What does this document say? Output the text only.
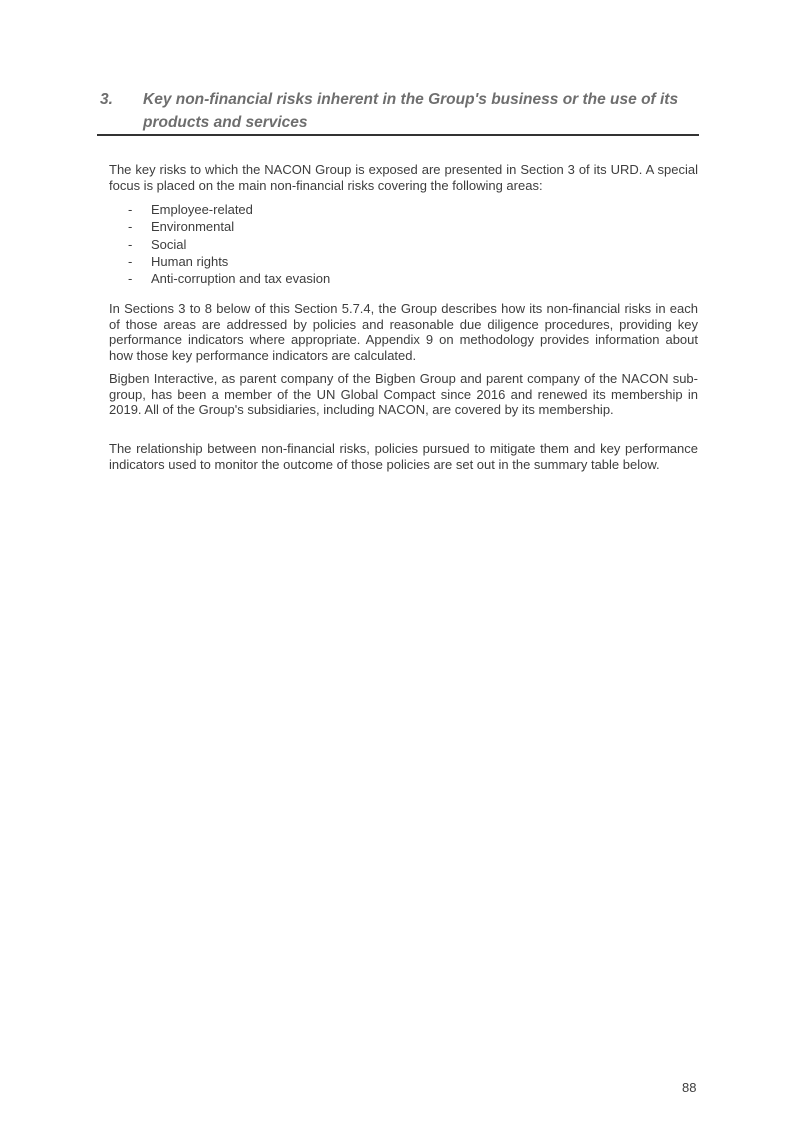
3.	Key non-financial risks inherent in the Group's business or the use of its products and services

The key risks to which the NACON Group is exposed are presented in Section 3 of its URD. A special focus is placed on the main non-financial risks covering the following areas:

-	Employee-related
-	Environmental
-	Social
-	Human rights
-	Anti-corruption and tax evasion

In Sections 3 to 8 below of this Section 5.7.4, the Group describes how its non-financial risks in each of those areas are addressed by policies and reasonable due diligence procedures, providing key performance indicators where appropriate. Appendix 9 on methodology provides information about how those key performance indicators are calculated.

Bigben Interactive, as parent company of the Bigben Group and parent company of the NACON sub-group, has been a member of the UN Global Compact since 2016 and renewed its membership in 2019. All of the Group's subsidiaries, including NACON, are covered by its membership.

The relationship between non-financial risks, policies pursued to mitigate them and key performance indicators used to monitor the outcome of those policies are set out in the summary table below.

88
